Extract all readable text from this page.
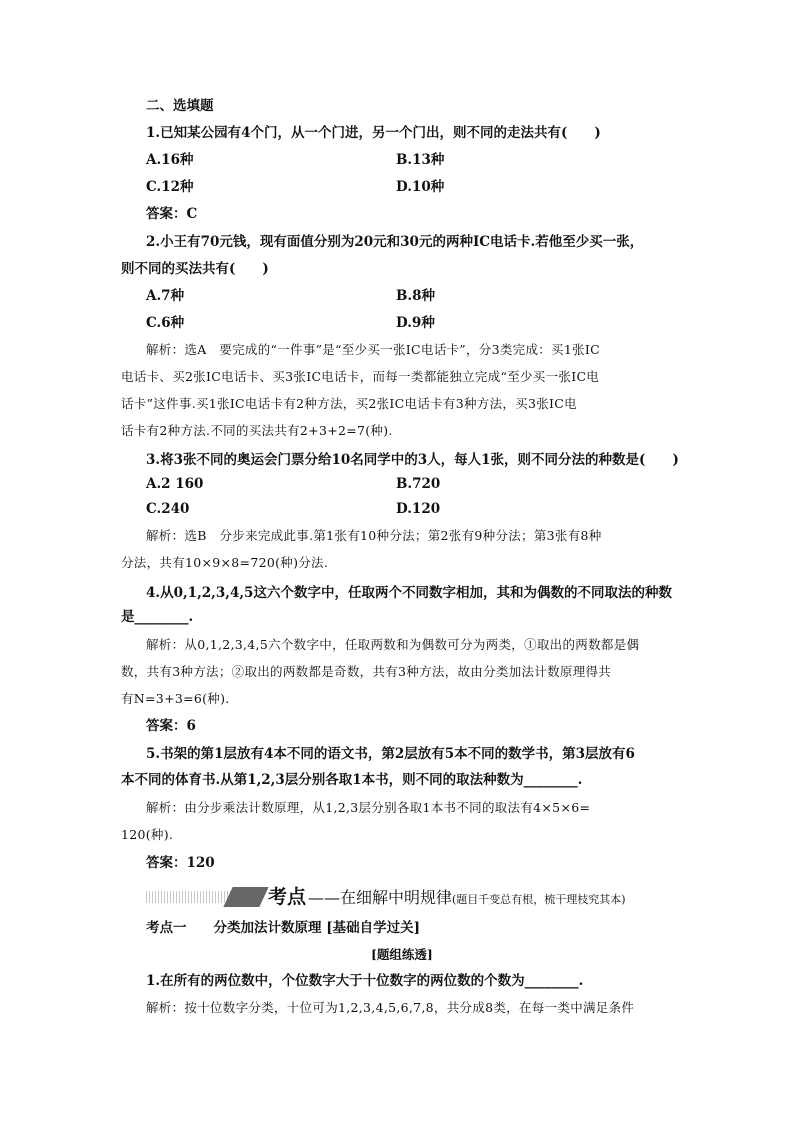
二、选填题
1.已知某公园有4个门，从一个门进，另一个门出，则不同的走法共有(　　)
A.16种	B.13种
C.12种	D.10种
答案：C
2.小王有70元钱，现有面值分别为20元和30元的两种IC电话卡.若他至少买一张，
则不同的买法共有(　　)
A.7种	B.8种
C.6种	D.9种
解析：选A　要完成的“一件事”是“至少买一张IC电话卡”，分3类完成：买1张IC
电话卡、买2张IC电话卡、买3张IC电话卡，而每一类都能独立完成“至少买一张IC电
话卡”这件事.买1张IC电话卡有2种方法，买2张IC电话卡有3种方法，买3张IC电
话卡有2种方法.不同的买法共有2+3+2=7(种).
3.将3张不同的奥运会门票分给10名同学中的3人，每人1张，则不同分法的种数是(　　)
A.2 160	B.720
C.240	D.120
解析：选B　分步来完成此事.第1张有10种分法；第2张有9种分法；第3张有8种
分法，共有10×9×8=720(种)分法.
4.从0,1,2,3,4,5这六个数字中，任取两个不同数字相加，其和为偶数的不同取法的种数
是________.
解析：从0,1,2,3,4,5六个数字中，任取两数和为偶数可分为两类，①取出的两数都是偶
数，共有3种方法；②取出的两数都是奇数，共有3种方法，故由分类加法计数原理得共
有N=3+3=6(种).
答案：6
5.书架的第1层放有4本不同的语文书，第2层放有5本不同的数学书，第3层放有6
本不同的体育书.从第1,2,3层分别各取1本书，则不同的取法种数为________.
解析：由分步乘法计数原理，从1,2,3层分别各取1本书不同的取法有4×5×6=
120(种).
答案：120
考点 ——在细解中明规律(题目千变总有根，梳干理枝究其本)
考点一　　分类加法计数原理 [基础自学过关]
[题组练透]
1.在所有的两位数中，个位数字大于十位数字的两位数的个数为________.
解析：按十位数字分类，十位可为1,2,3,4,5,6,7,8，共分成8类，在每一类中满足条件
